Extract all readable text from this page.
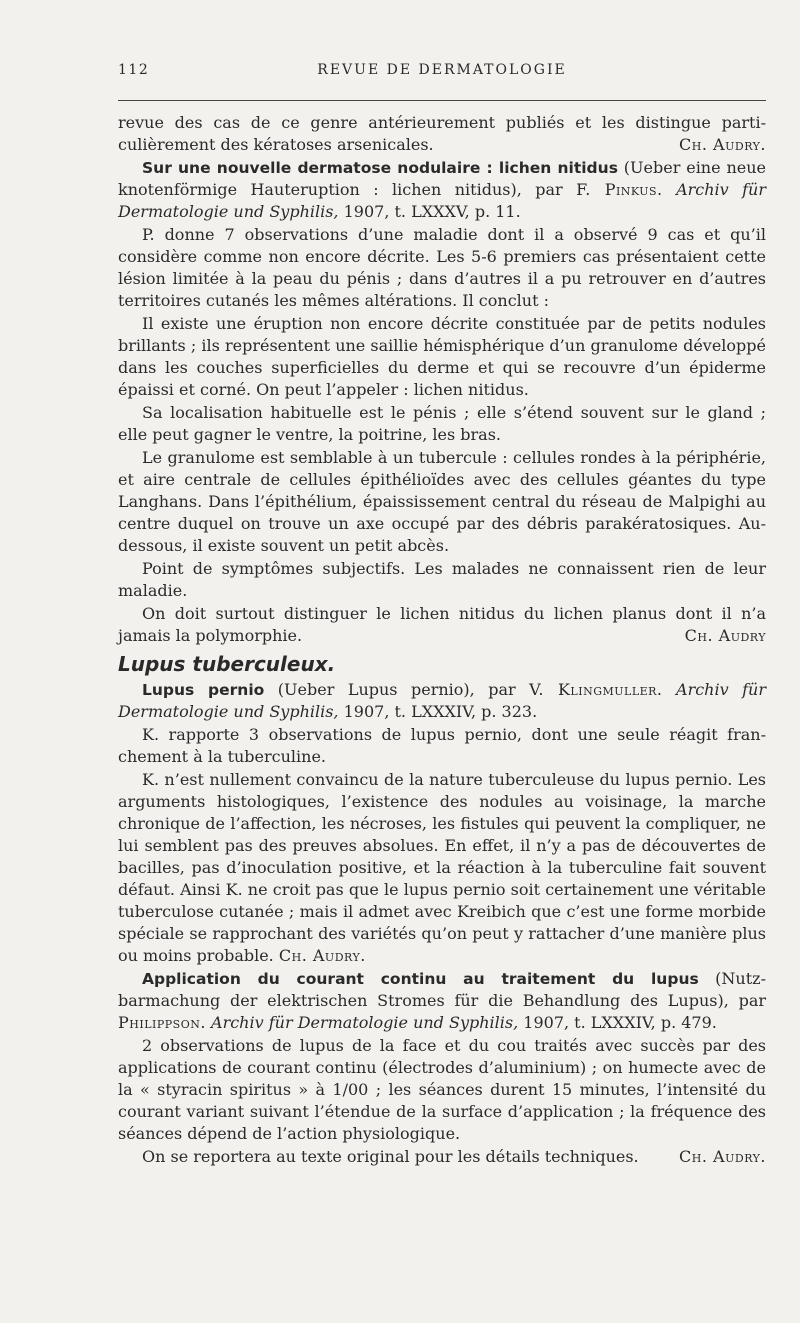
112	REVUE DE DERMATOLOGIE

revue des cas de ce genre antérieurement publiés et les distingue particulièrement des kératoses arsenicales.	Ch. Audry.

Sur une nouvelle dermatose nodulaire : lichen nitidus (Ueber eine neue knotenförmige Hauteruption : lichen nitidus), par F. Pinkus. Archiv für Dermatologie und Syphilis, 1907, t. LXXXV, p. 11.

P. donne 7 observations d’une maladie dont il a observé 9 cas et qu’il considère comme non encore décrite. Les 5-6 premiers cas présentaient cette lésion limitée à la peau du pénis ; dans d’autres il a pu retrouver en d’autres territoires cutanés les mêmes altérations. Il conclut :

Il existe une éruption non encore décrite constituée par de petits nodules brillants ; ils représentent une saillie hémisphérique d’un granulome développé dans les couches superficielles du derme et qui se recouvre d’un épiderme épaissi et corné. On peut l’appeler : lichen nitidus.

Sa localisation habituelle est le pénis ; elle s’étend souvent sur le gland ; elle peut gagner le ventre, la poitrine, les bras.

Le granulome est semblable à un tubercule : cellules rondes à la périphérie, et aire centrale de cellules épithélioïdes avec des cellules géantes du type Langhans. Dans l’épithélium, épaississement central du réseau de Malpighi au centre duquel on trouve un axe occupé par des débris parakératosiques. Au-dessous, il existe souvent un petit abcès.

Point de symptômes subjectifs. Les malades ne connaissent rien de leur maladie.

On doit surtout distinguer le lichen nitidus du lichen planus dont il n’a jamais la polymorphie.	Ch. Audry

Lupus tuberculeux.

Lupus pernio (Ueber Lupus pernio), par V. Klingmuller. Archiv für Dermatologie und Syphilis, 1907, t. LXXXIV, p. 323.

K. rapporte 3 observations de lupus pernio, dont une seule réagit franchement à la tuberculine.

K. n’est nullement convaincu de la nature tuberculeuse du lupus pernio. Les arguments histologiques, l’existence des nodules au voisinage, la marche chronique de l’affection, les nécroses, les fistules qui peuvent la compliquer, ne lui semblent pas des preuves absolues. En effet, il n’y a pas de découvertes de bacilles, pas d’inoculation positive, et la réaction à la tuberculine fait souvent défaut. Ainsi K. ne croit pas que le lupus pernio soit certainement une véritable tuberculose cutanée ; mais il admet avec Kreibich que c’est une forme morbide spéciale se rapprochant des variétés qu’on peut y rattacher d’une manière plus ou moins probable. Ch. Audry.

Application du courant continu au traitement du lupus (Nutzbarmachung der elektrischen Stromes für die Behandlung des Lupus), par Philippson. Archiv für Dermatologie und Syphilis, 1907, t. LXXXIV, p. 479.

2 observations de lupus de la face et du cou traités avec succès par des applications de courant continu (électrodes d’aluminium) ; on humecte avec de la « styracin spiritus » à 1/00 ; les séances durent 15 minutes, l’intensité du courant variant suivant l’étendue de la surface d’application ; la fréquence des séances dépend de l’action physiologique.

On se reportera au texte original pour les détails techniques.	Ch. Audry.
